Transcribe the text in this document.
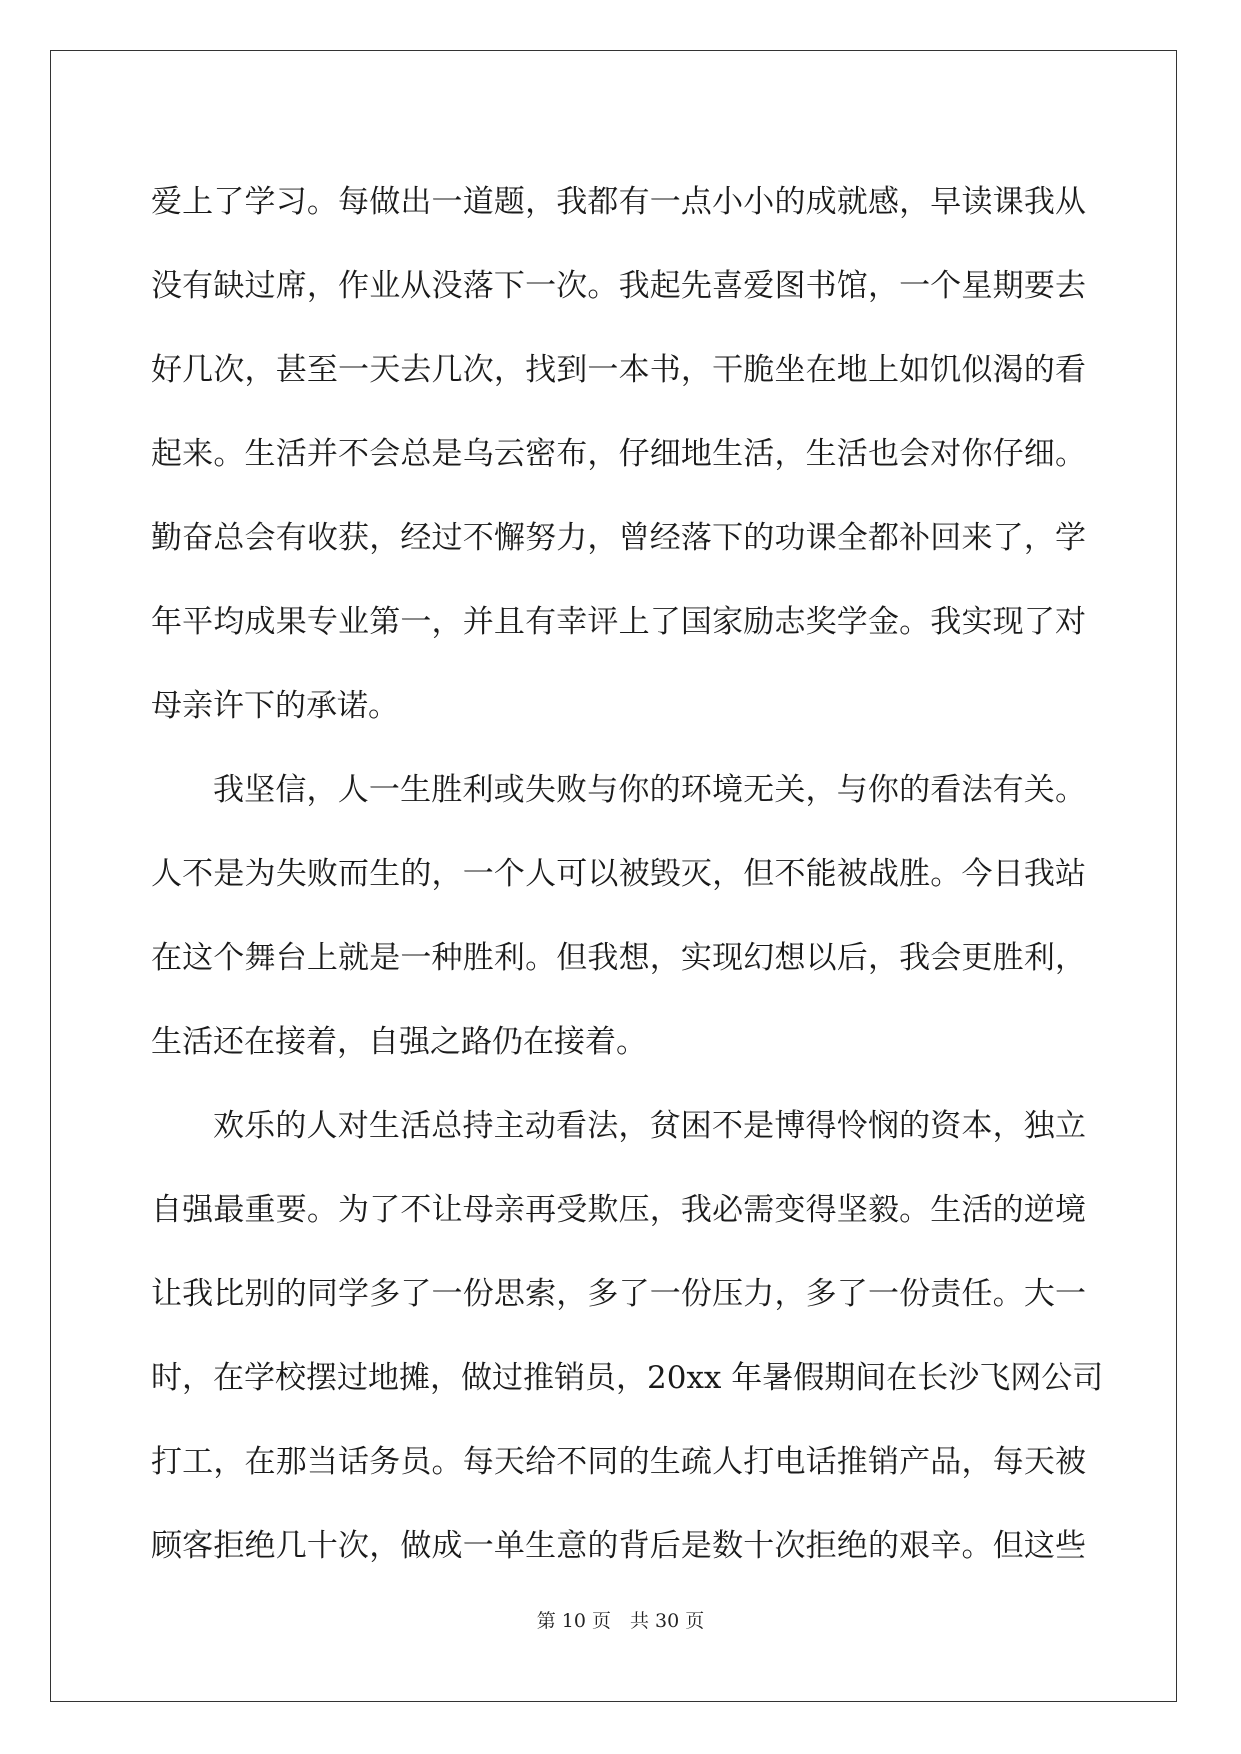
爱上了学习。每做出一道题，我都有一点小小的成就感，早读课我从
没有缺过席，作业从没落下一次。我起先喜爱图书馆，一个星期要去
好几次，甚至一天去几次，找到一本书，干脆坐在地上如饥似渴的看
起来。生活并不会总是乌云密布，仔细地生活，生活也会对你仔细。
勤奋总会有收获，经过不懈努力，曾经落下的功课全都补回来了，学
年平均成果专业第一，并且有幸评上了国家励志奖学金。我实现了对
母亲许下的承诺。
我坚信，人一生胜利或失败与你的环境无关，与你的看法有关。
人不是为失败而生的，一个人可以被毁灭，但不能被战胜。今日我站
在这个舞台上就是一种胜利。但我想，实现幻想以后，我会更胜利，
生活还在接着，自强之路仍在接着。
欢乐的人对生活总持主动看法，贫困不是博得怜悯的资本，独立
自强最重要。为了不让母亲再受欺压，我必需变得坚毅。生活的逆境
让我比别的同学多了一份思索，多了一份压力，多了一份责任。大一
时，在学校摆过地摊，做过推销员，20xx 年暑假期间在长沙飞网公司
打工，在那当话务员。每天给不同的生疏人打电话推销产品，每天被
顾客拒绝几十次，做成一单生意的背后是数十次拒绝的艰辛。但这些
第 10 页　共 30 页
